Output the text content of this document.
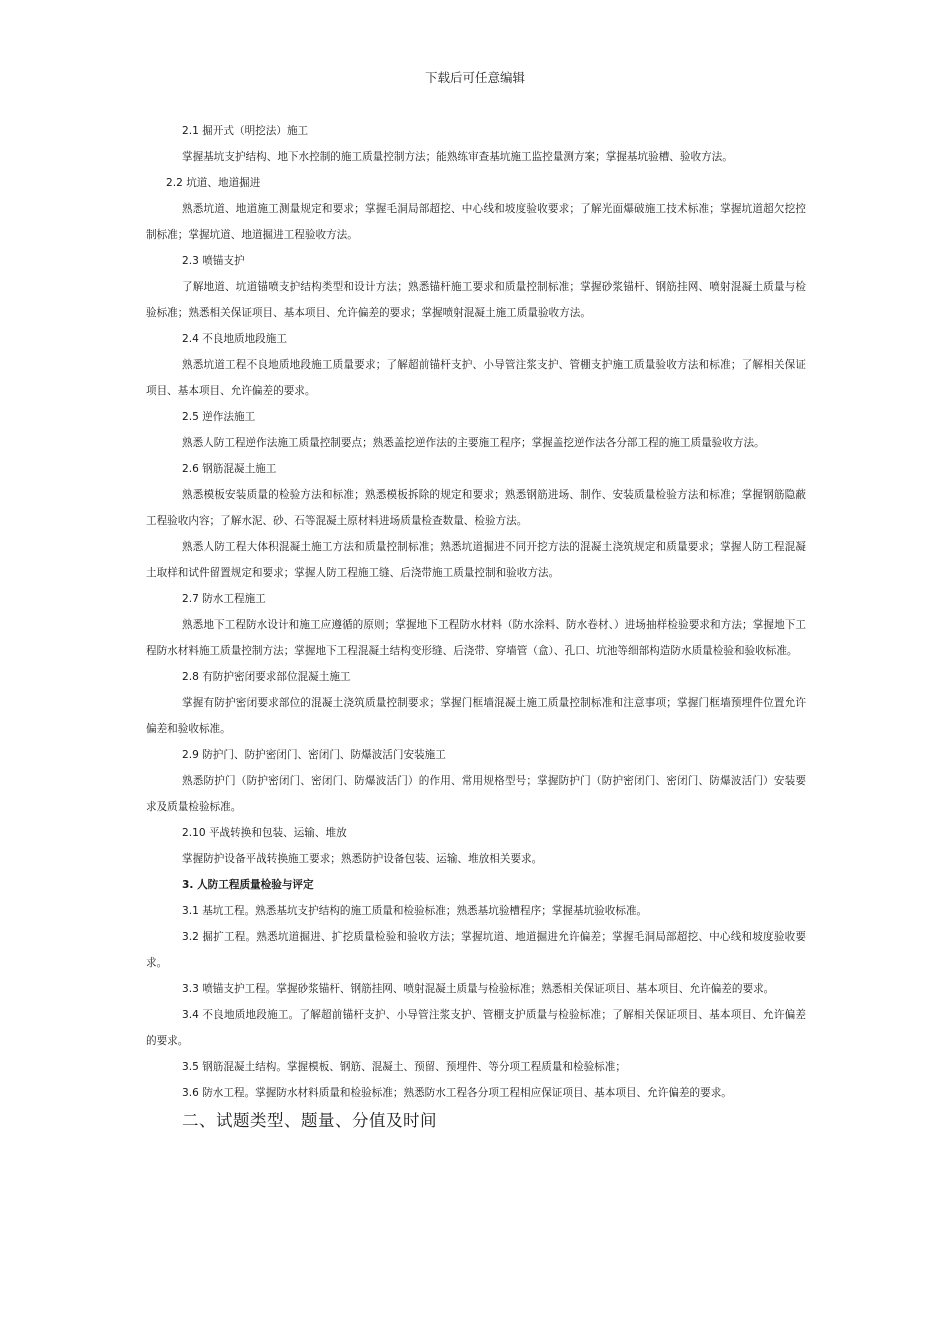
下载后可任意编辑

2.1 掘开式（明挖法）施工

掌握基坑支护结构、地下水控制的施工质量控制方法；能熟练审查基坑施工监控量测方案；掌握基坑验槽、验收方法。

2.2 坑道、地道掘进

熟悉坑道、地道施工测量规定和要求；掌握毛洞局部超挖、中心线和坡度验收要求；了解光面爆破施工技术标准；掌握坑道超欠挖控制标准；掌握坑道、地道掘进工程验收方法。

2.3 喷锚支护

了解地道、坑道锚喷支护结构类型和设计方法；熟悉锚杆施工要求和质量控制标准；掌握砂浆锚杆、钢筋挂网、喷射混凝土质量与检验标准；熟悉相关保证项目、基本项目、允许偏差的要求；掌握喷射混凝土施工质量验收方法。

2.4 不良地质地段施工

熟悉坑道工程不良地质地段施工质量要求；了解超前锚杆支护、小导管注浆支护、管棚支护施工质量验收方法和标准；了解相关保证项目、基本项目、允许偏差的要求。

2.5 逆作法施工

熟悉人防工程逆作法施工质量控制要点；熟悉盖挖逆作法的主要施工程序；掌握盖挖逆作法各分部工程的施工质量验收方法。

2.6 钢筋混凝土施工

熟悉模板安装质量的检验方法和标准；熟悉模板拆除的规定和要求；熟悉钢筋进场、制作、安装质量检验方法和标准；掌握钢筋隐蔽工程验收内容；了解水泥、砂、石等混凝土原材料进场质量检查数量、检验方法。

熟悉人防工程大体积混凝土施工方法和质量控制标准；熟悉坑道掘进不同开挖方法的混凝土浇筑规定和质量要求；掌握人防工程混凝土取样和试件留置规定和要求；掌握人防工程施工缝、后浇带施工质量控制和验收方法。

2.7 防水工程施工

熟悉地下工程防水设计和施工应遵循的原则；掌握地下工程防水材料（防水涂料、防水卷材、）进场抽样检验要求和方法；掌握地下工程防水材料施工质量控制方法；掌握地下工程混凝土结构变形缝、后浇带、穿墙管（盒）、孔口、坑池等细部构造防水质量检验和验收标准。

2.8 有防护密闭要求部位混凝土施工

掌握有防护密闭要求部位的混凝土浇筑质量控制要求；掌握门框墙混凝土施工质量控制标准和注意事项；掌握门框墙预埋件位置允许偏差和验收标准。

2.9 防护门、防护密闭门、密闭门、防爆波活门安装施工

熟悉防护门（防护密闭门、密闭门、防爆波活门）的作用、常用规格型号；掌握防护门（防护密闭门、密闭门、防爆波活门）安装要求及质量检验标准。

2.10 平战转换和包装、运输、堆放

掌握防护设备平战转换施工要求；熟悉防护设备包装、运输、堆放相关要求。

3. 人防工程质量检验与评定

3.1 基坑工程。熟悉基坑支护结构的施工质量和检验标准；熟悉基坑验槽程序；掌握基坑验收标准。

3.2 掘扩工程。熟悉坑道掘进、扩挖质量检验和验收方法；掌握坑道、地道掘进允许偏差；掌握毛洞局部超挖、中心线和坡度验收要求。

3.3 喷锚支护工程。掌握砂浆锚杆、钢筋挂网、喷射混凝土质量与检验标准；熟悉相关保证项目、基本项目、允许偏差的要求。

3.4 不良地质地段施工。了解超前锚杆支护、小导管注浆支护、管棚支护质量与检验标准；了解相关保证项目、基本项目、允许偏差的要求。

3.5 钢筋混凝土结构。掌握模板、钢筋、混凝土、预留、预埋件、等分项工程质量和检验标准；

3.6 防水工程。掌握防水材料质量和检验标准；熟悉防水工程各分项工程相应保证项目、基本项目、允许偏差的要求。

二、试题类型、题量、分值及时间
